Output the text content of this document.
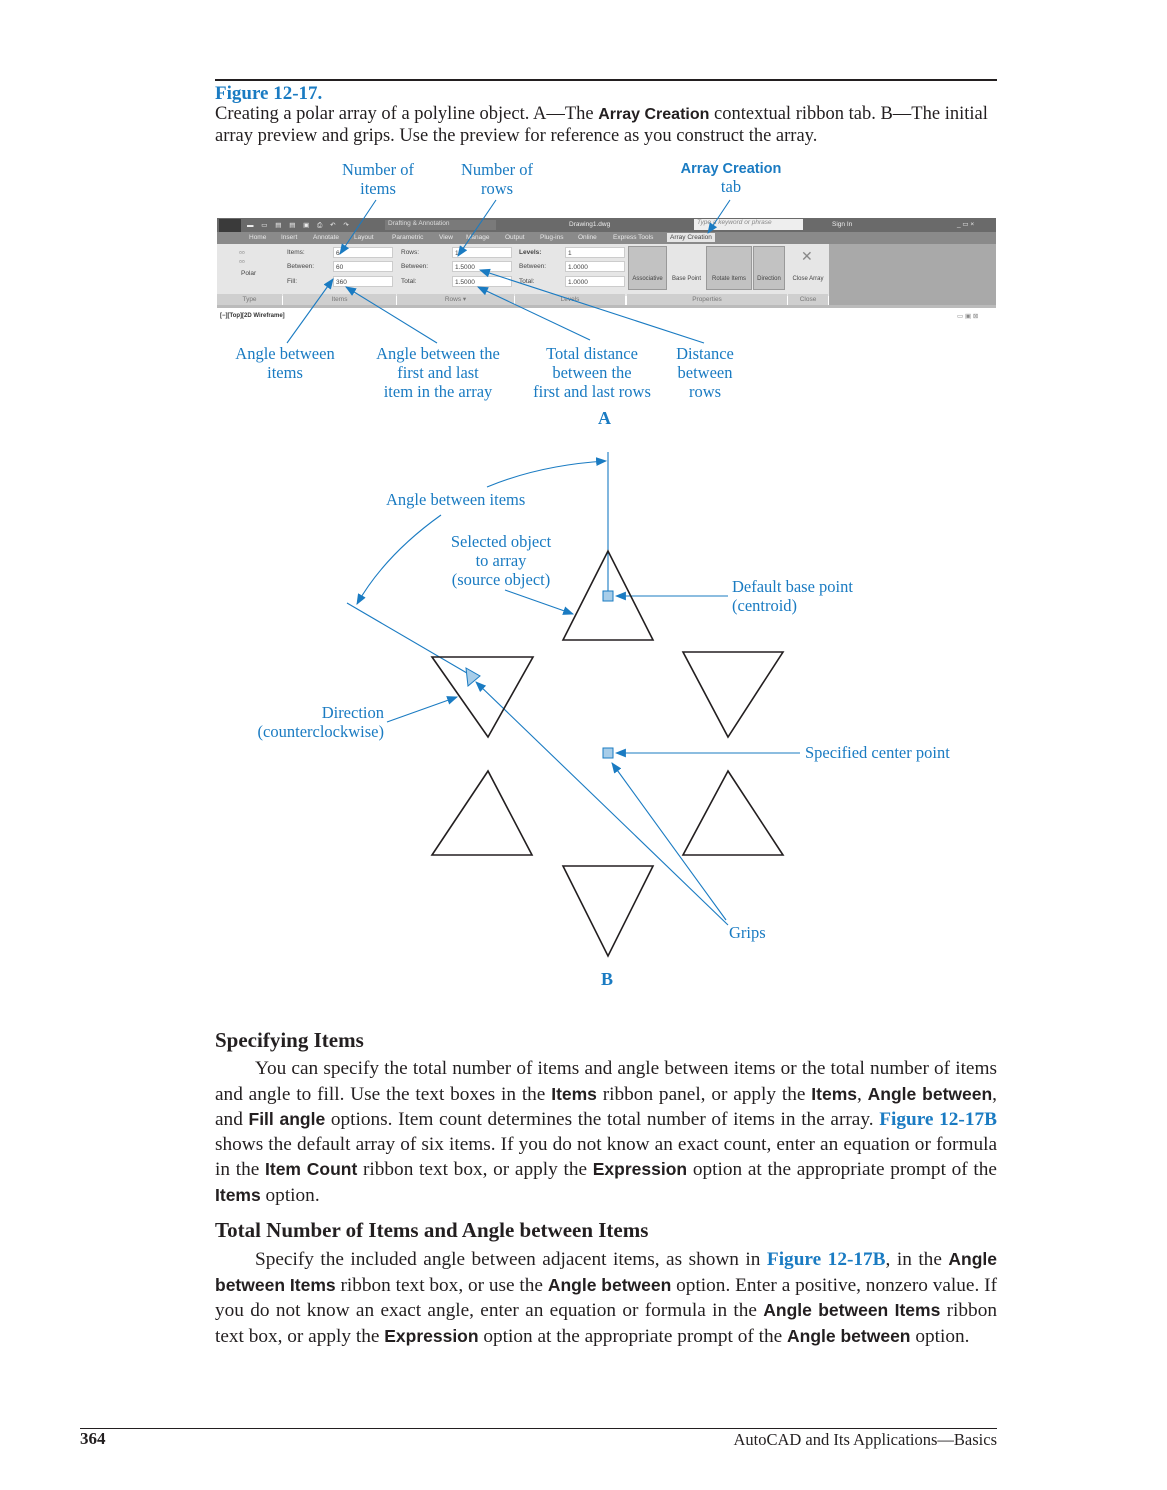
Figure 12-17.
Creating a polar array of a polyline object. A—The Array Creation contextual ribbon tab. B—The initial array preview and grips. Use the preview for reference as you construct the array.
Number of
items
Number of
rows
Array Creation
tab
Angle between
items
Angle between the
first and last
item in the array
Total distance
between the
first and last rows
Distance
between
rows
A
▬ ▭ ▤ ▤ ▣ ⎙ ↶ ↷	Drafting & Annotation	Drawing1.dwg	Type a keyword or phrase	Sign In	_ ▭ ×
Home Insert Annotate Layout	Parametric View Manage Output Plug-ins Online Express Tools	Array Creation
▫▫
▫▫
Polar
Type
Items:	6
Between:	60
Fill:	360
Items
Rows:	1
Between:	1.5000
Total:	1.5000
Rows ▾
Levels:	1
Between:	1.0000
Total:	1.0000
Levels
Associative	Base Point	Rotate Items	Direction
Properties
Close Array
✕
Close
[−][Top][2D Wireframe]	▭ ▣ ⊠
Angle between items
Selected object
to array
(source object)	Default base point
(centroid)
Direction
(counterclockwise)
Specified center point
Grips
B
Specifying Items
You can specify the total number of items and angle between items or the total number of items and angle to fill. Use the text boxes in the Items ribbon panel, or apply the Items, Angle between, and Fill angle options. Item count determines the total number of items in the array. Figure 12-17B shows the default array of six items. If you do not know an exact count, enter an equation or formula in the Item Count ribbon text box, or apply the Expression option at the appropriate prompt of the Items option.
Total Number of Items and Angle between Items
Specify the included angle between adjacent items, as shown in Figure 12-17B, in the Angle between Items ribbon text box, or use the Angle between option. Enter a positive, nonzero value. If you do not know an exact angle, enter an equation or formula in the Angle between Items ribbon text box, or apply the Expression option at the appropriate prompt of the Angle between option.
364	AutoCAD and Its Applications—Basics
